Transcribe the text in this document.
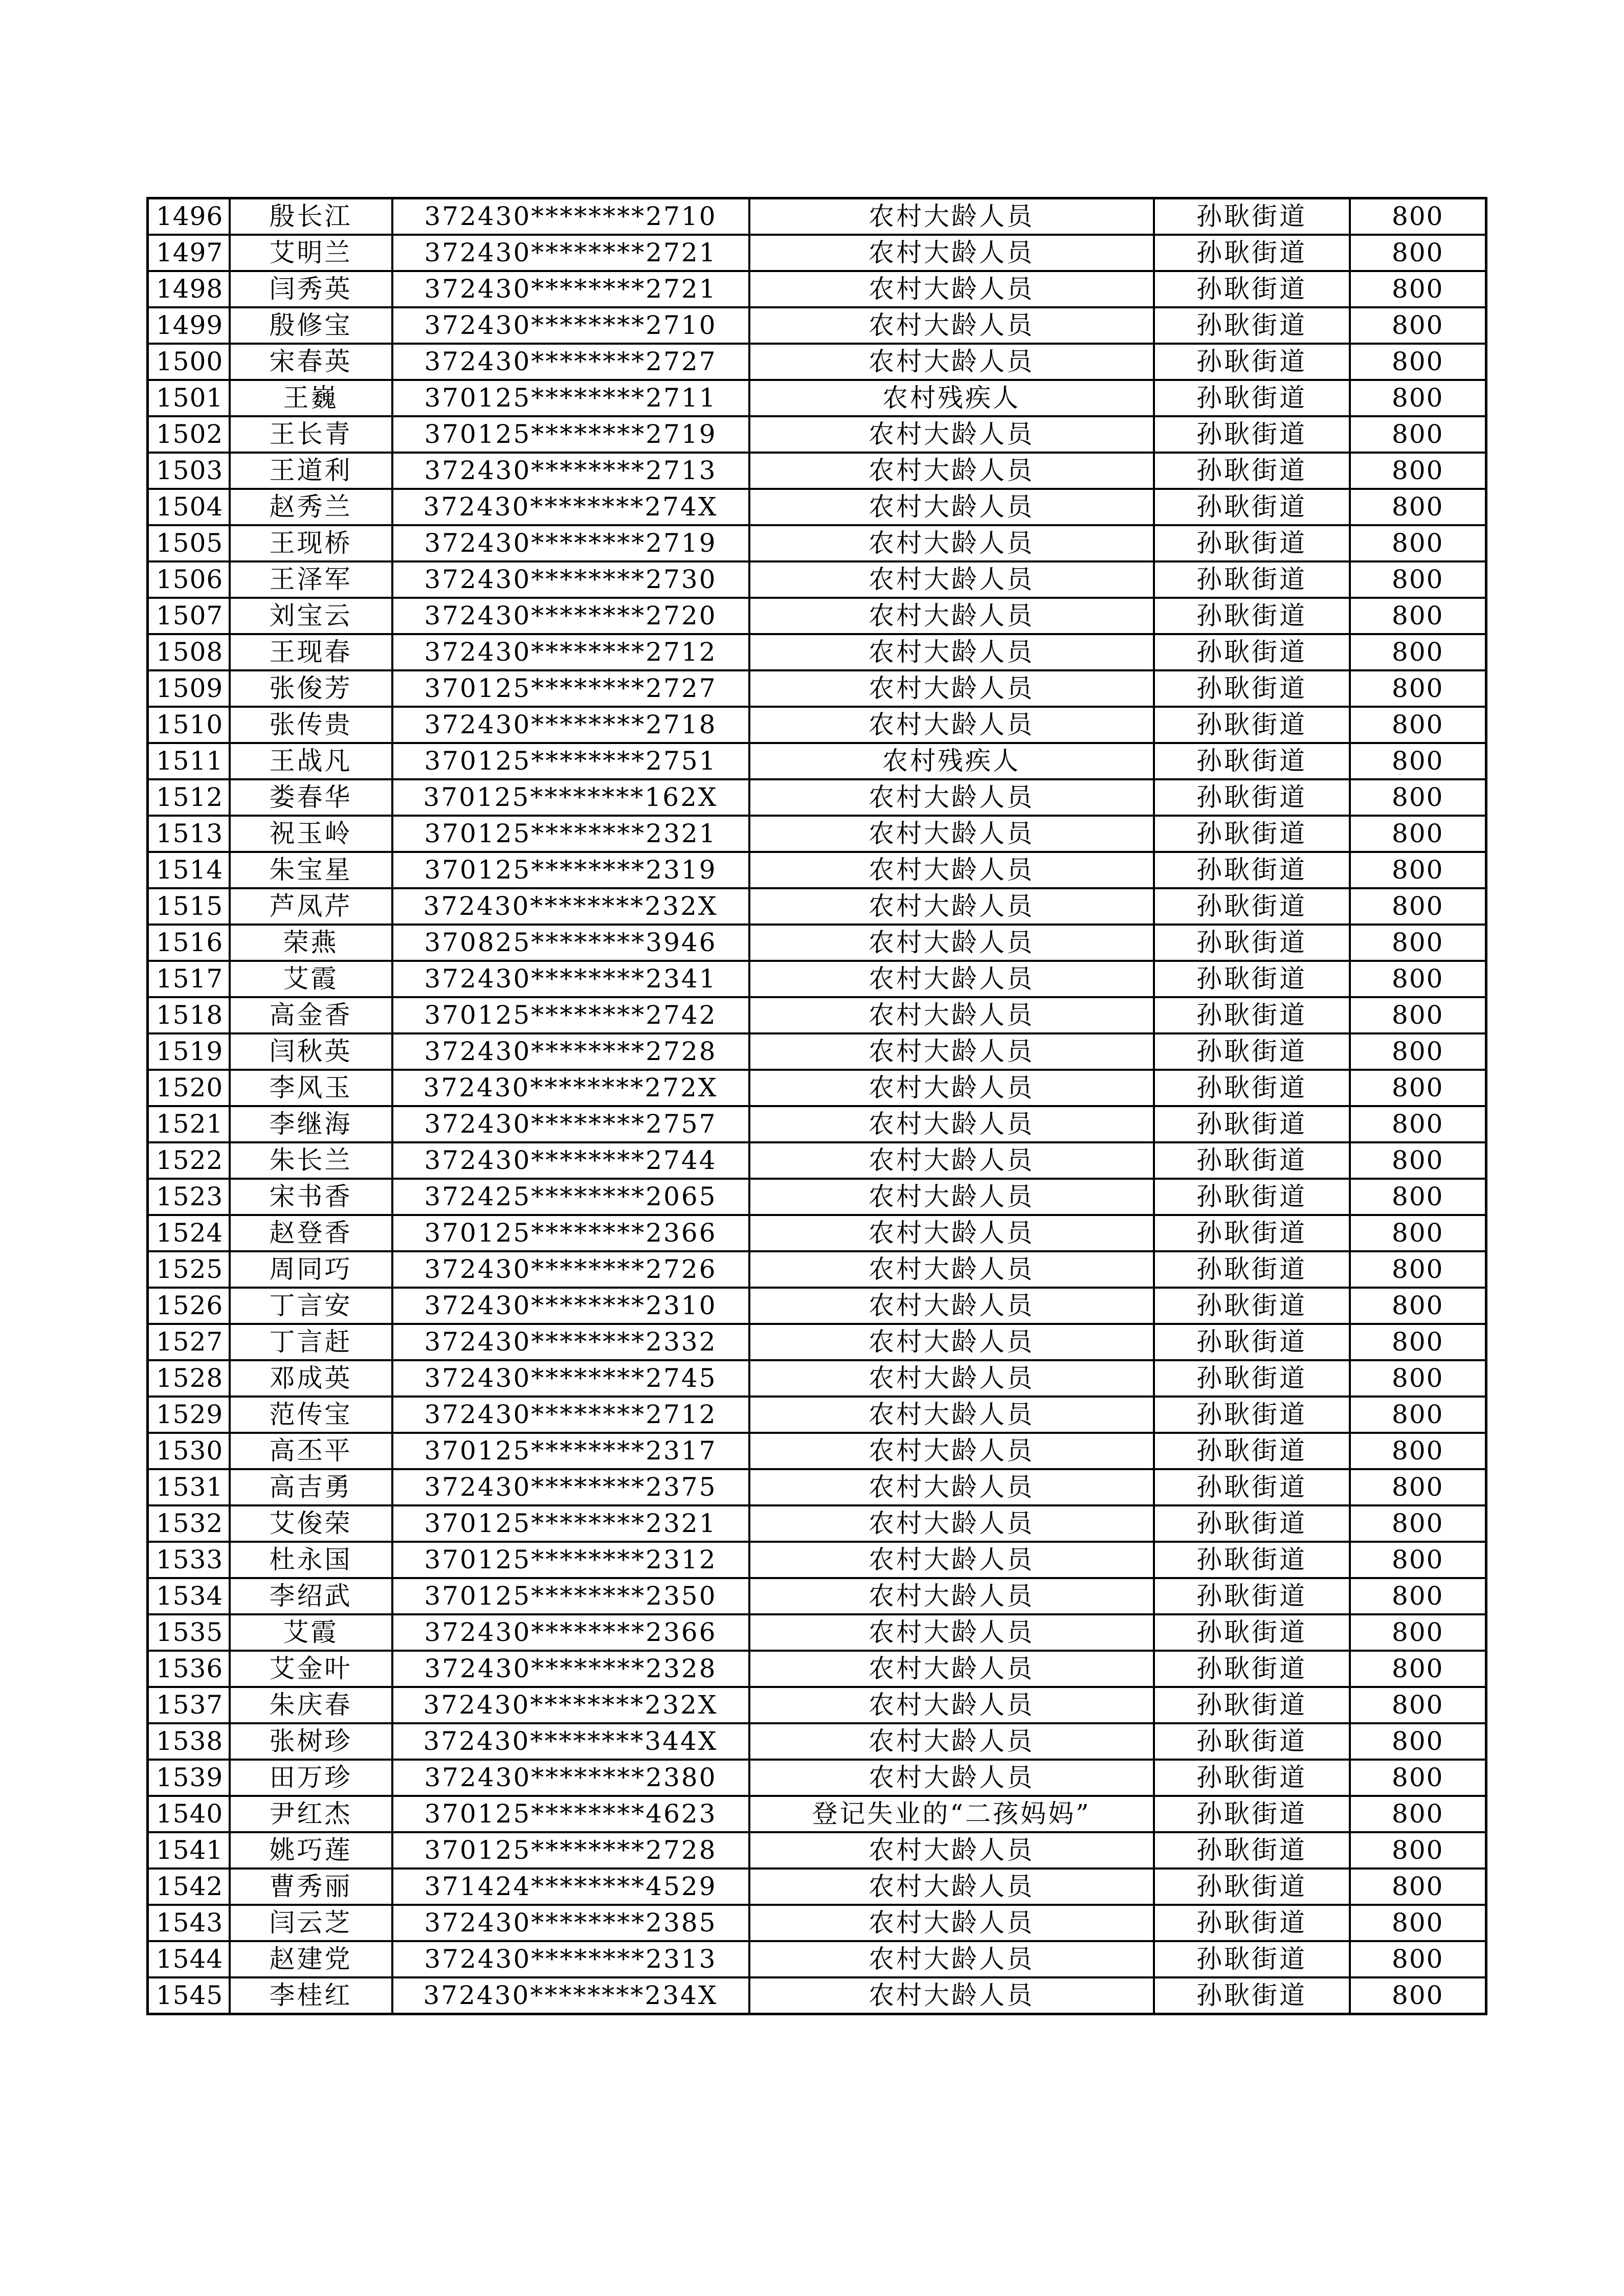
1496	殷长江	372430********2710	农村大龄人员	孙耿街道	800
1497	艾明兰	372430********2721	农村大龄人员	孙耿街道	800
1498	闫秀英	372430********2721	农村大龄人员	孙耿街道	800
1499	殷修宝	372430********2710	农村大龄人员	孙耿街道	800
1500	宋春英	372430********2727	农村大龄人员	孙耿街道	800
1501	王巍	370125********2711	农村残疾人	孙耿街道	800
1502	王长青	370125********2719	农村大龄人员	孙耿街道	800
1503	王道利	372430********2713	农村大龄人员	孙耿街道	800
1504	赵秀兰	372430********274X	农村大龄人员	孙耿街道	800
1505	王现桥	372430********2719	农村大龄人员	孙耿街道	800
1506	王泽军	372430********2730	农村大龄人员	孙耿街道	800
1507	刘宝云	372430********2720	农村大龄人员	孙耿街道	800
1508	王现春	372430********2712	农村大龄人员	孙耿街道	800
1509	张俊芳	370125********2727	农村大龄人员	孙耿街道	800
1510	张传贵	372430********2718	农村大龄人员	孙耿街道	800
1511	王战凡	370125********2751	农村残疾人	孙耿街道	800
1512	娄春华	370125********162X	农村大龄人员	孙耿街道	800
1513	祝玉岭	370125********2321	农村大龄人员	孙耿街道	800
1514	朱宝星	370125********2319	农村大龄人员	孙耿街道	800
1515	芦凤芹	372430********232X	农村大龄人员	孙耿街道	800
1516	荣燕	370825********3946	农村大龄人员	孙耿街道	800
1517	艾霞	372430********2341	农村大龄人员	孙耿街道	800
1518	高金香	370125********2742	农村大龄人员	孙耿街道	800
1519	闫秋英	372430********2728	农村大龄人员	孙耿街道	800
1520	李风玉	372430********272X	农村大龄人员	孙耿街道	800
1521	李继海	372430********2757	农村大龄人员	孙耿街道	800
1522	朱长兰	372430********2744	农村大龄人员	孙耿街道	800
1523	宋书香	372425********2065	农村大龄人员	孙耿街道	800
1524	赵登香	370125********2366	农村大龄人员	孙耿街道	800
1525	周同巧	372430********2726	农村大龄人员	孙耿街道	800
1526	丁言安	372430********2310	农村大龄人员	孙耿街道	800
1527	丁言赶	372430********2332	农村大龄人员	孙耿街道	800
1528	邓成英	372430********2745	农村大龄人员	孙耿街道	800
1529	范传宝	372430********2712	农村大龄人员	孙耿街道	800
1530	高丕平	370125********2317	农村大龄人员	孙耿街道	800
1531	高吉勇	372430********2375	农村大龄人员	孙耿街道	800
1532	艾俊荣	370125********2321	农村大龄人员	孙耿街道	800
1533	杜永国	370125********2312	农村大龄人员	孙耿街道	800
1534	李绍武	370125********2350	农村大龄人员	孙耿街道	800
1535	艾霞	372430********2366	农村大龄人员	孙耿街道	800
1536	艾金叶	372430********2328	农村大龄人员	孙耿街道	800
1537	朱庆春	372430********232X	农村大龄人员	孙耿街道	800
1538	张树珍	372430********344X	农村大龄人员	孙耿街道	800
1539	田万珍	372430********2380	农村大龄人员	孙耿街道	800
1540	尹红杰	370125********4623	登记失业的“二孩妈妈”	孙耿街道	800
1541	姚巧莲	370125********2728	农村大龄人员	孙耿街道	800
1542	曹秀丽	371424********4529	农村大龄人员	孙耿街道	800
1543	闫云芝	372430********2385	农村大龄人员	孙耿街道	800
1544	赵建党	372430********2313	农村大龄人员	孙耿街道	800
1545	李桂红	372430********234X	农村大龄人员	孙耿街道	800
